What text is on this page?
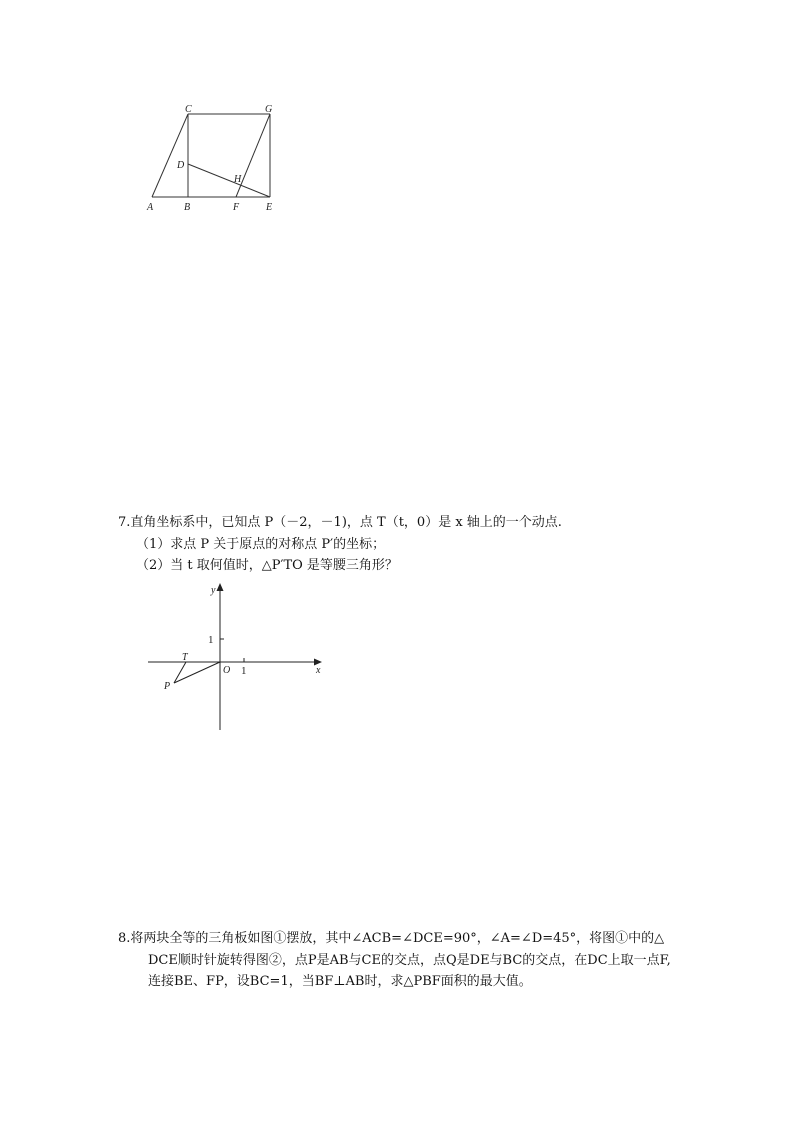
C	G
D
H
A	B	F	E
7.直角坐标系中，已知点 P（－2，－1)，点 T（t，0）是 x 轴上的一个动点.
（1）求点 P 关于原点的对称点 P′的坐标；
（2）当 t 取何值时，△P′TO 是等腰三角形？
y
x
O
T
P
1
1
8.将两块全等的三角板如图①摆放，其中∠ACB=∠DCE=90°，∠A=∠D=45°，将图①中的△
DCE顺时针旋转得图②，点P是AB与CE的交点，点Q是DE与BC的交点，在DC上取一点F,
连接BE、FP，设BC=1，当BF⊥AB时，求△PBF面积的最大值。
